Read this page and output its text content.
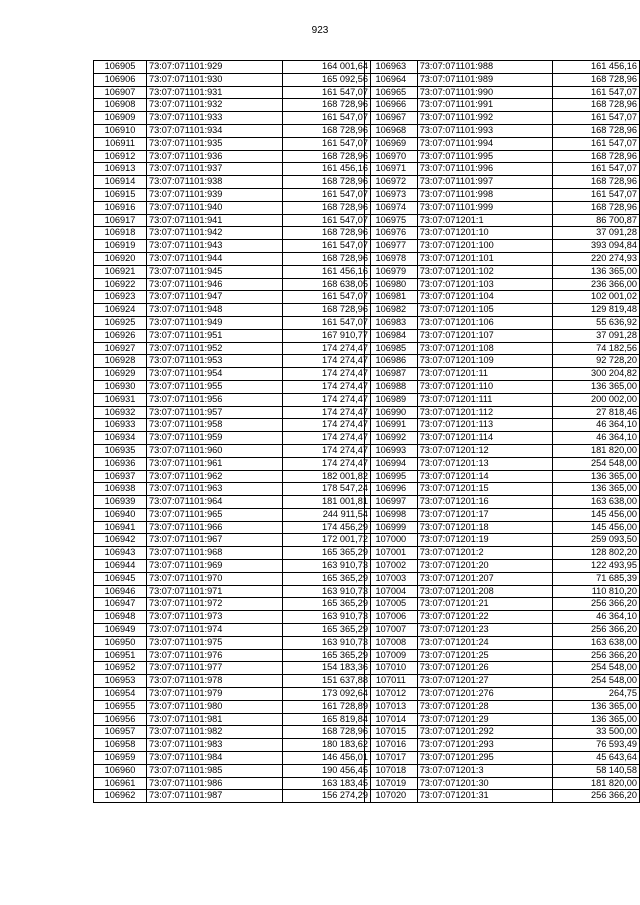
923
106905	73:07:071101:929	164 001,64
106906	73:07:071101:930	165 092,56
106907	73:07:071101:931	161 547,07
106908	73:07:071101:932	168 728,96
106909	73:07:071101:933	161 547,07
106910	73:07:071101:934	168 728,96
106911	73:07:071101:935	161 547,07
106912	73:07:071101:936	168 728,96
106913	73:07:071101:937	161 456,16
106914	73:07:071101:938	168 728,96
106915	73:07:071101:939	161 547,07
106916	73:07:071101:940	168 728,96
106917	73:07:071101:941	161 547,07
106918	73:07:071101:942	168 728,96
106919	73:07:071101:943	161 547,07
106920	73:07:071101:944	168 728,96
106921	73:07:071101:945	161 456,16
106922	73:07:071101:946	168 638,05
106923	73:07:071101:947	161 547,07
106924	73:07:071101:948	168 728,96
106925	73:07:071101:949	161 547,07
106926	73:07:071101:951	167 910,77
106927	73:07:071101:952	174 274,47
106928	73:07:071101:953	174 274,47
106929	73:07:071101:954	174 274,47
106930	73:07:071101:955	174 274,47
106931	73:07:071101:956	174 274,47
106932	73:07:071101:957	174 274,47
106933	73:07:071101:958	174 274,47
106934	73:07:071101:959	174 274,47
106935	73:07:071101:960	174 274,47
106936	73:07:071101:961	174 274,47
106937	73:07:071101:962	182 001,82
106938	73:07:071101:963	178 547,24
106939	73:07:071101:964	181 001,81
106940	73:07:071101:965	244 911,54
106941	73:07:071101:966	174 456,29
106942	73:07:071101:967	172 001,72
106943	73:07:071101:968	165 365,29
106944	73:07:071101:969	163 910,73
106945	73:07:071101:970	165 365,29
106946	73:07:071101:971	163 910,73
106947	73:07:071101:972	165 365,29
106948	73:07:071101:973	163 910,73
106949	73:07:071101:974	165 365,29
106950	73:07:071101:975	163 910,73
106951	73:07:071101:976	165 365,29
106952	73:07:071101:977	154 183,36
106953	73:07:071101:978	151 637,88
106954	73:07:071101:979	173 092,64
106955	73:07:071101:980	161 728,89
106956	73:07:071101:981	165 819,84
106957	73:07:071101:982	168 728,96
106958	73:07:071101:983	180 183,62
106959	73:07:071101:984	146 456,01
106960	73:07:071101:985	190 456,45
106961	73:07:071101:986	163 183,45
106962	73:07:071101:987	156 274,29
106963	73:07:071101:988	161 456,16
106964	73:07:071101:989	168 728,96
106965	73:07:071101:990	161 547,07
106966	73:07:071101:991	168 728,96
106967	73:07:071101:992	161 547,07
106968	73:07:071101:993	168 728,96
106969	73:07:071101:994	161 547,07
106970	73:07:071101:995	168 728,96
106971	73:07:071101:996	161 547,07
106972	73:07:071101:997	168 728,96
106973	73:07:071101:998	161 547,07
106974	73:07:071101:999	168 728,96
106975	73:07:071201:1	86 700,87
106976	73:07:071201:10	37 091,28
106977	73:07:071201:100	393 094,84
106978	73:07:071201:101	220 274,93
106979	73:07:071201:102	136 365,00
106980	73:07:071201:103	236 366,00
106981	73:07:071201:104	102 001,02
106982	73:07:071201:105	129 819,48
106983	73:07:071201:106	55 636,92
106984	73:07:071201:107	37 091,28
106985	73:07:071201:108	74 182,56
106986	73:07:071201:109	92 728,20
106987	73:07:071201:11	300 204,82
106988	73:07:071201:110	136 365,00
106989	73:07:071201:111	200 002,00
106990	73:07:071201:112	27 818,46
106991	73:07:071201:113	46 364,10
106992	73:07:071201:114	46 364,10
106993	73:07:071201:12	181 820,00
106994	73:07:071201:13	254 548,00
106995	73:07:071201:14	136 365,00
106996	73:07:071201:15	136 365,00
106997	73:07:071201:16	163 638,00
106998	73:07:071201:17	145 456,00
106999	73:07:071201:18	145 456,00
107000	73:07:071201:19	259 093,50
107001	73:07:071201:2	128 802,20
107002	73:07:071201:20	122 493,95
107003	73:07:071201:207	71 685,39
107004	73:07:071201:208	110 810,20
107005	73:07:071201:21	256 366,20
107006	73:07:071201:22	46 364,10
107007	73:07:071201:23	256 366,20
107008	73:07:071201:24	163 638,00
107009	73:07:071201:25	256 366,20
107010	73:07:071201:26	254 548,00
107011	73:07:071201:27	254 548,00
107012	73:07:071201:276	264,75
107013	73:07:071201:28	136 365,00
107014	73:07:071201:29	136 365,00
107015	73:07:071201:292	33 500,00
107016	73:07:071201:293	76 593,49
107017	73:07:071201:295	45 643,64
107018	73:07:071201:3	58 140,58
107019	73:07:071201:30	181 820,00
107020	73:07:071201:31	256 366,20
